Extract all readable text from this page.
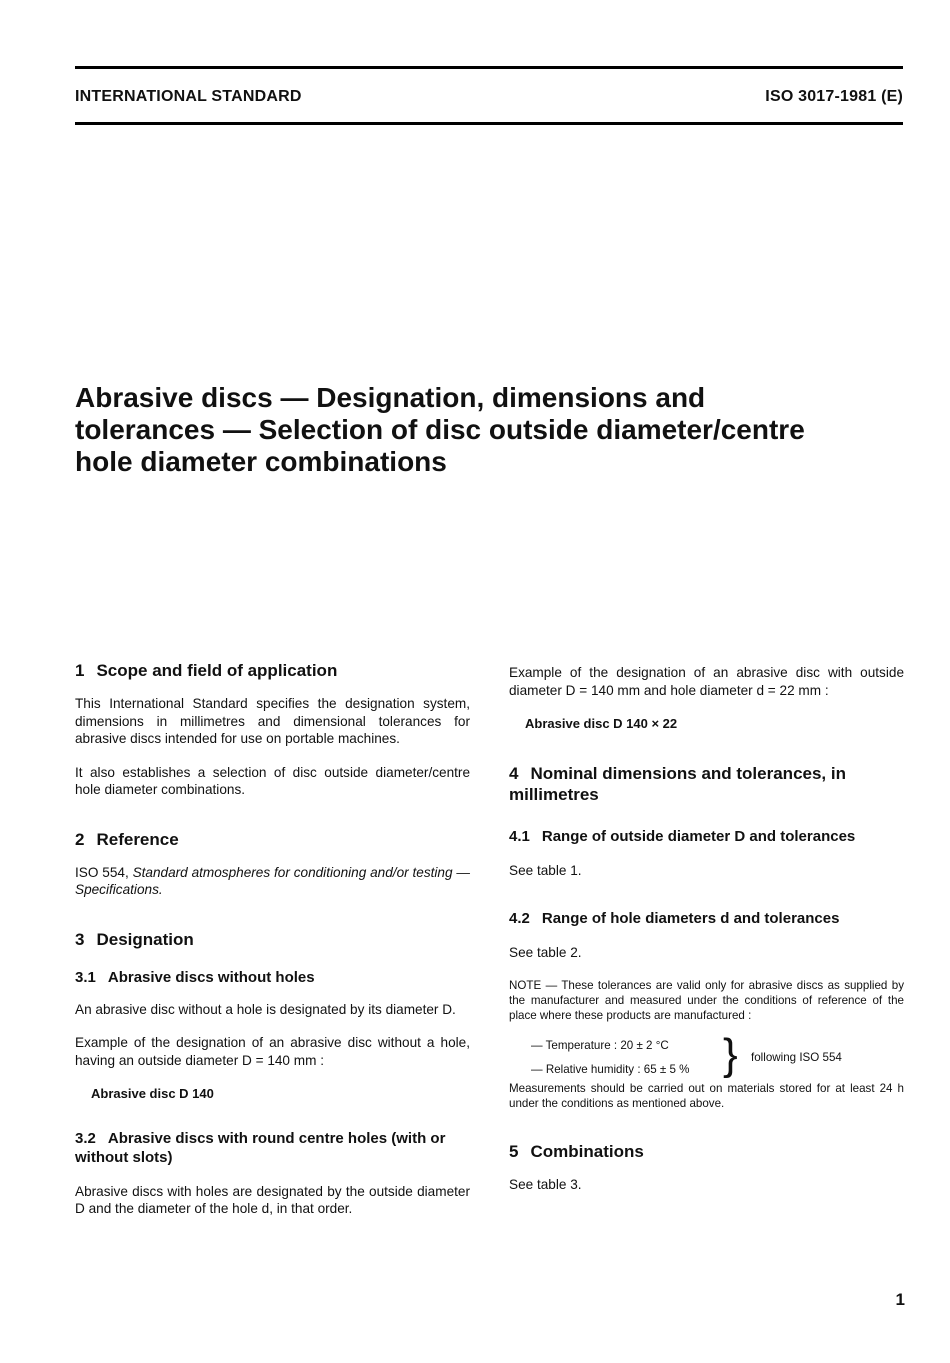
INTERNATIONAL STANDARD	ISO 3017-1981 (E)
Abrasive discs — Designation, dimensions and
tolerances — Selection of disc outside diameter/centre
hole diameter combinations
1 Scope and field of application

This International Standard specifies the designation system, dimensions in millimetres and dimensional tolerances for abrasive discs intended for use on portable machines.

It also establishes a selection of disc outside diameter/centre hole diameter combinations.

2 Reference

ISO 554, Standard atmospheres for conditioning and/or testing — Specifications.

3 Designation
3.1 Abrasive discs without holes

An abrasive disc without a hole is designated by its diameter D.

Example of the designation of an abrasive disc without a hole, having an outside diameter D = 140 mm :

Abrasive disc D 140

3.2 Abrasive discs with round centre holes (with or without slots)

Abrasive discs with holes are designated by the outside diameter D and the diameter of the hole d, in that order.

Example of the designation of an abrasive disc with outside diameter D = 140 mm and hole diameter d = 22 mm :

Abrasive disc D 140 × 22

4 Nominal dimensions and tolerances, in millimetres
4.1 Range of outside diameter D and tolerances

See table 1.

4.2 Range of hole diameters d and tolerances

See table 2.

NOTE — These tolerances are valid only for abrasive discs as supplied by the manufacturer and measured under the conditions of reference of the place where these products are manufactured :

— Temperature : 20 ± 2 °C
— Relative humidity : 65 ± 5 % } following ISO 554

Measurements should be carried out on materials stored for at least 24 h under the conditions as mentioned above.

5 Combinations

See table 3.

1
